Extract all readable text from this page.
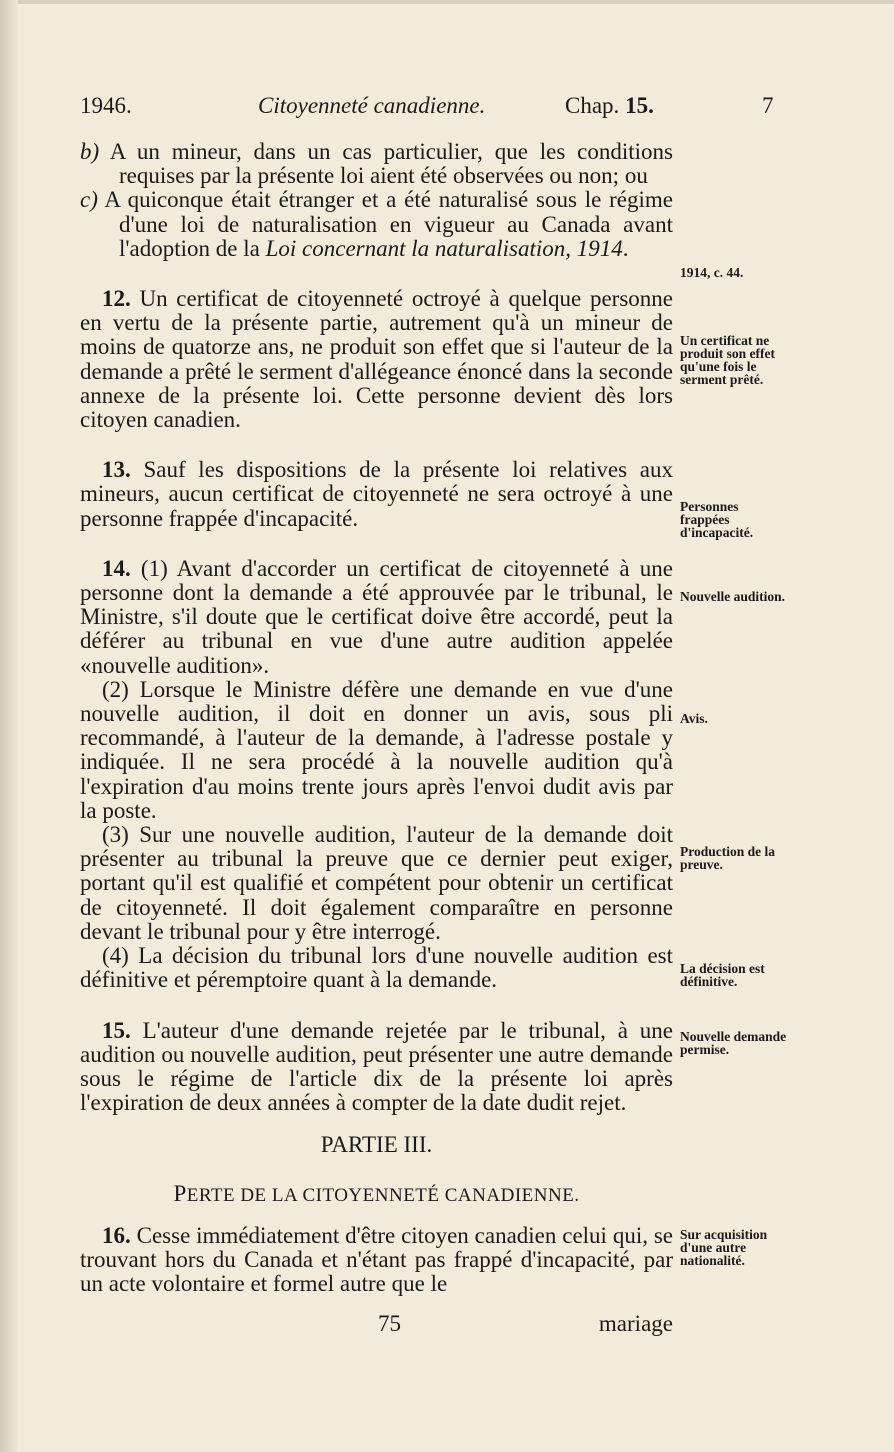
1946.	Citoyenneté canadienne.	Chap. 15.	7

b) A un mineur, dans un cas particulier, que les conditions requises par la présente loi aient été observées ou non; ou

c) A quiconque était étranger et a été naturalisé sous le régime d'une loi de naturalisation en vigueur au Canada avant l'adoption de la Loi concernant la naturalisation, 1914.

12. Un certificat de citoyenneté octroyé à quelque personne en vertu de la présente partie, autrement qu'à un mineur de moins de quatorze ans, ne produit son effet que si l'auteur de la demande a prêté le serment d'allégeance énoncé dans la seconde annexe de la présente loi. Cette personne devient dès lors citoyen canadien.

13. Sauf les dispositions de la présente loi relatives aux mineurs, aucun certificat de citoyenneté ne sera octroyé à une personne frappée d'incapacité.

14. (1) Avant d'accorder un certificat de citoyenneté à une personne dont la demande a été approuvée par le tribunal, le Ministre, s'il doute que le certificat doive être accordé, peut la déférer au tribunal en vue d'une autre audition appelée «nouvelle audition».

(2) Lorsque le Ministre défère une demande en vue d'une nouvelle audition, il doit en donner un avis, sous pli recommandé, à l'auteur de la demande, à l'adresse postale y indiquée. Il ne sera procédé à la nouvelle audition qu'à l'expiration d'au moins trente jours après l'envoi dudit avis par la poste.

(3) Sur une nouvelle audition, l'auteur de la demande doit présenter au tribunal la preuve que ce dernier peut exiger, portant qu'il est qualifié et compétent pour obtenir un certificat de citoyenneté. Il doit également comparaître en personne devant le tribunal pour y être interrogé.

(4) La décision du tribunal lors d'une nouvelle audition est définitive et péremptoire quant à la demande.

15. L'auteur d'une demande rejetée par le tribunal, à une audition ou nouvelle audition, peut présenter une autre demande sous le régime de l'article dix de la présente loi après l'expiration de deux années à compter de la date dudit rejet.

PARTIE III.

PERTE DE LA CITOYENNETÉ CANADIENNE.

16. Cesse immédiatement d'être citoyen canadien celui qui, se trouvant hors du Canada et n'étant pas frappé d'incapacité, par un acte volontaire et formel autre que le

75	mariage
1914, c. 44.
Un certificat ne produit son effet qu'une fois le serment prêté.
Personnes frappées d'incapacité.
Nouvelle audition.
Avis.
Production de la preuve.
La décision est définitive.
Nouvelle demande permise.
Sur acquisition d'une autre nationalité.
